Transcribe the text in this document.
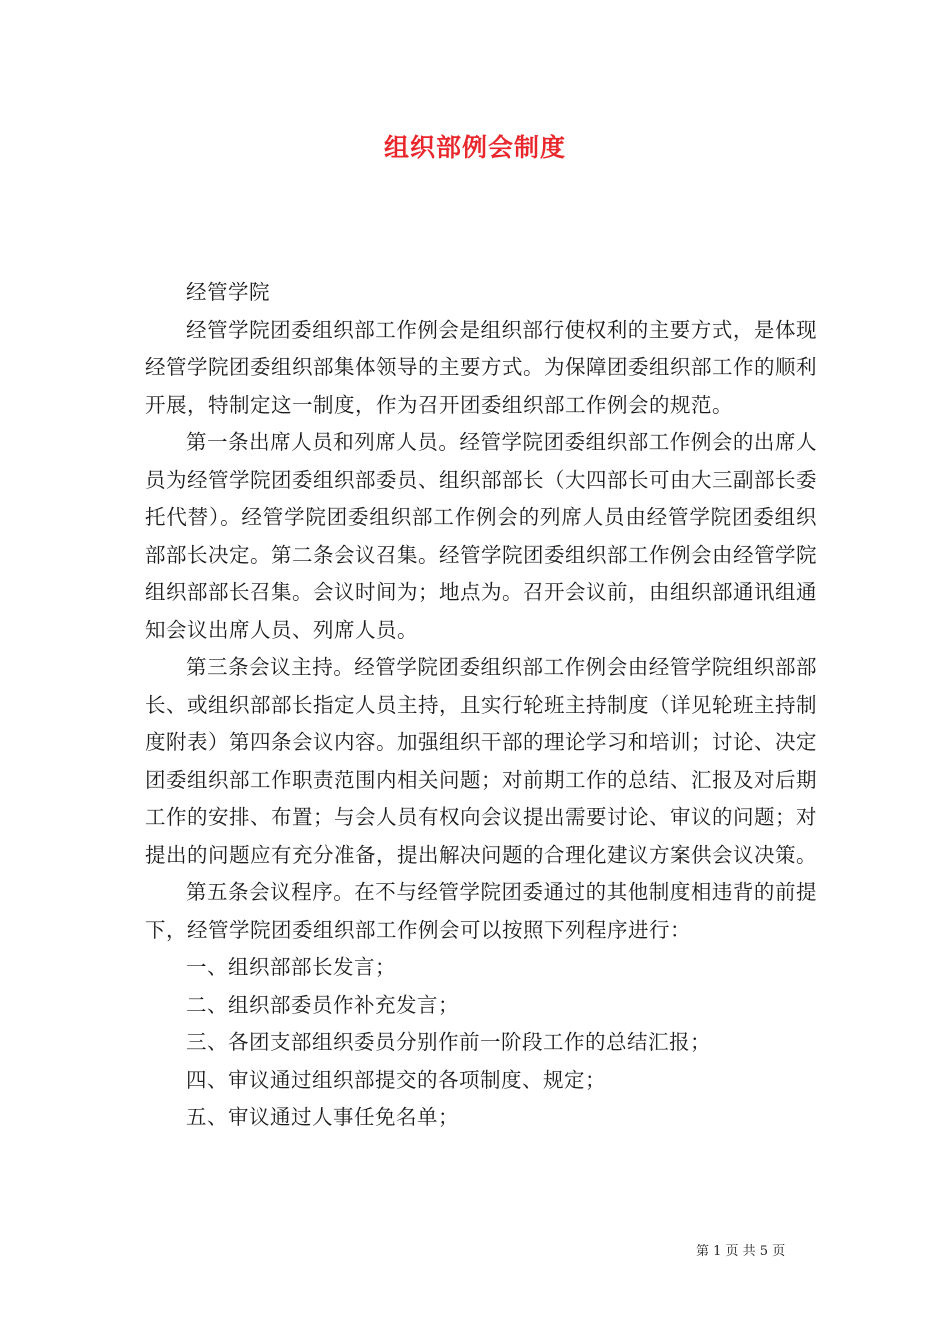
组织部例会制度

经管学院

经管学院团委组织部工作例会是组织部行使权利的主要方式，是体现经管学院团委组织部集体领导的主要方式。为保障团委组织部工作的顺利开展，特制定这一制度，作为召开团委组织部工作例会的规范。

第一条出席人员和列席人员。经管学院团委组织部工作例会的出席人员为经管学院团委组织部委员、组织部部长（大四部长可由大三副部长委托代替）。经管学院团委组织部工作例会的列席人员由经管学院团委组织部部长决定。第二条会议召集。经管学院团委组织部工作例会由经管学院组织部部长召集。会议时间为；地点为。召开会议前，由组织部通讯组通知会议出席人员、列席人员。

第三条会议主持。经管学院团委组织部工作例会由经管学院组织部部长、或组织部部长指定人员主持，且实行轮班主持制度（详见轮班主持制度附表）第四条会议内容。加强组织干部的理论学习和培训；讨论、决定团委组织部工作职责范围内相关问题；对前期工作的总结、汇报及对后期工作的安排、布置；与会人员有权向会议提出需要讨论、审议的问题；对提出的问题应有充分准备，提出解决问题的合理化建议方案供会议决策。

第五条会议程序。在不与经管学院团委通过的其他制度相违背的前提下，经管学院团委组织部工作例会可以按照下列程序进行：

一、组织部部长发言；

二、组织部委员作补充发言；

三、各团支部组织委员分别作前一阶段工作的总结汇报；

四、审议通过组织部提交的各项制度、规定；

五、审议通过人事任免名单；

第 1 页 共 5 页
